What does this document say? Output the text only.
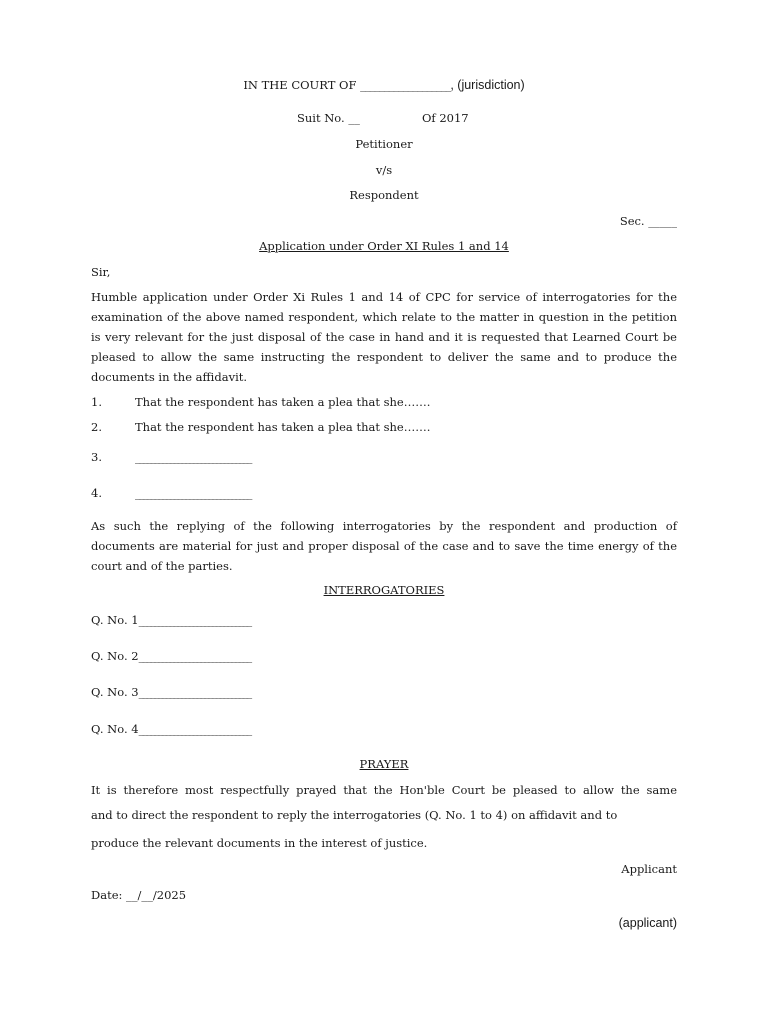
IN THE COURT OF ___________________, (jurisdiction)
Suit No. __	Of 2017
Petitioner
v/s
Respondent
Sec. _____
Application under Order XI Rules 1 and 14
Sir,
Humble application under Order Xi Rules 1 and 14 of CPC for service of interrogatories for the examination of the above named respondent, which relate to the matter in question in the petition is very relevant for the just disposal of the case in hand and it is requested that Learned Court be pleased to allow the same instructing the respondent to deliver the same and to produce the documents in the affidavit.
1.	That the respondent has taken a plea that she…….
2.	That the respondent has taken a plea that she…….
3.	______________________________
4.	______________________________
As such the replying of the following interrogatories by the respondent and production of documents are material for just and proper disposal of the case and to save the time energy of the court and of the parties.
INTERROGATORIES
Q. No. 1_____________________________
Q. No. 2_____________________________
Q. No. 3_____________________________
Q. No. 4_____________________________
PRAYER
It is therefore most respectfully prayed that the Hon'ble Court be pleased to allow the same
and to direct the respondent to reply the interrogatories (Q. No. 1 to 4) on affidavit and to
produce the relevant documents in the interest of justice.
Applicant
Date: __/__/2025
(applicant)
